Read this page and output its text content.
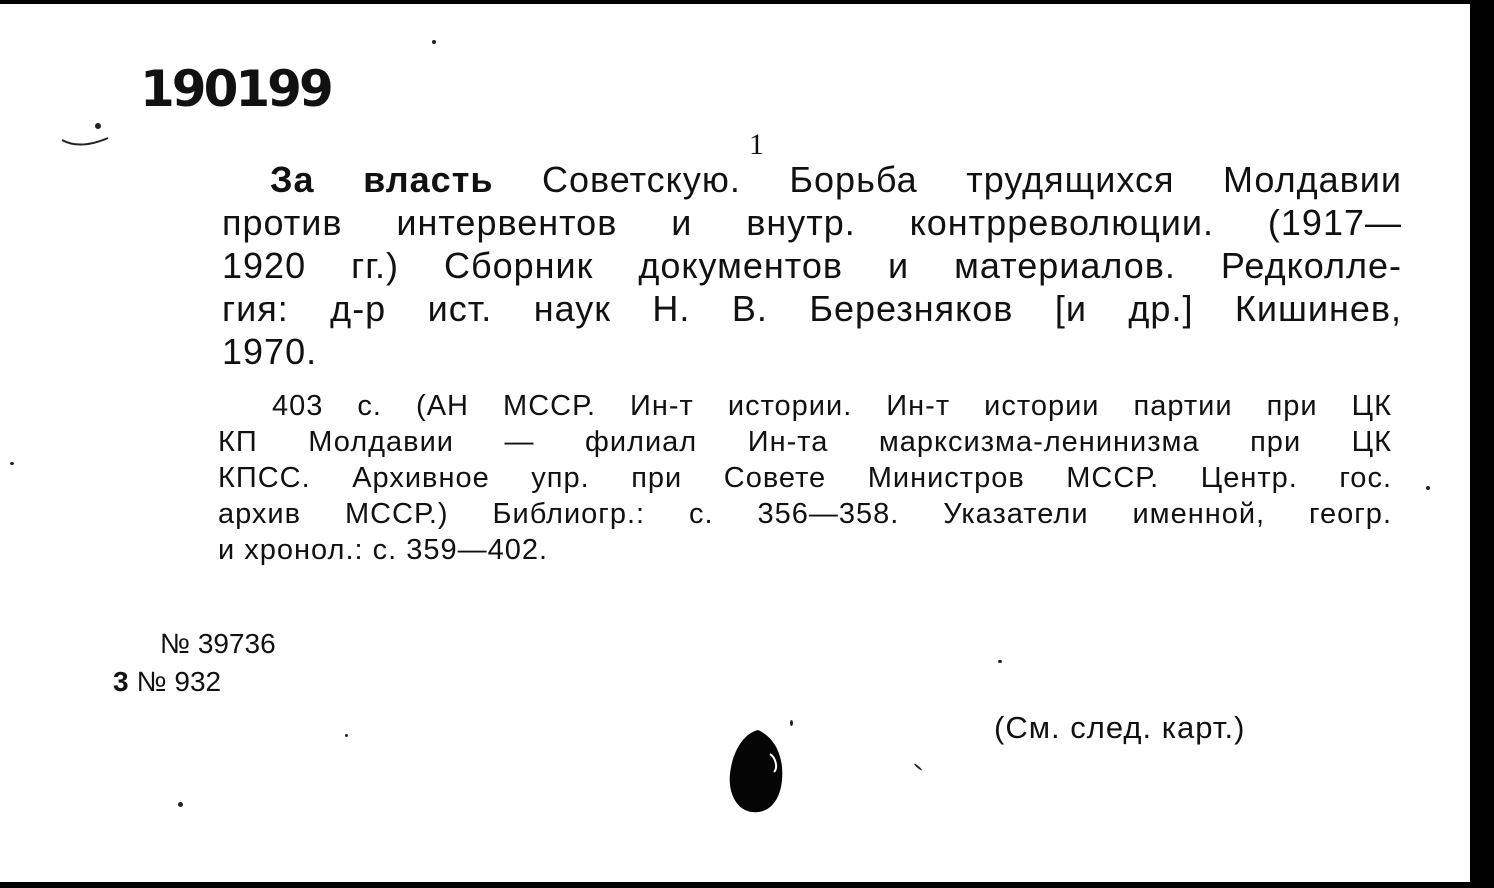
190199
1
За власть Советскую. Борьба трудящихся Молдавии
против интервентов и внутр. контрреволюции. (1917—
1920 гг.) Сборник документов и материалов. Редколле-
гия: д-р ист. наук Н. В. Березняков [и др.] Кишинев,
1970.
403 с. (АН МССР. Ин-т истории. Ин-т истории партии при ЦК
КП Молдавии — филиал Ин-та марксизма-ленинизма при ЦК
КПСС. Архивное упр. при Совете Министров МССР. Центр. гос.
архив МССР.) Библиогр.: с. 356—358. Указатели именной, геогр.
и хронол.: с. 359—402.
№ 39736
3 № 932
(См. след. карт.)
